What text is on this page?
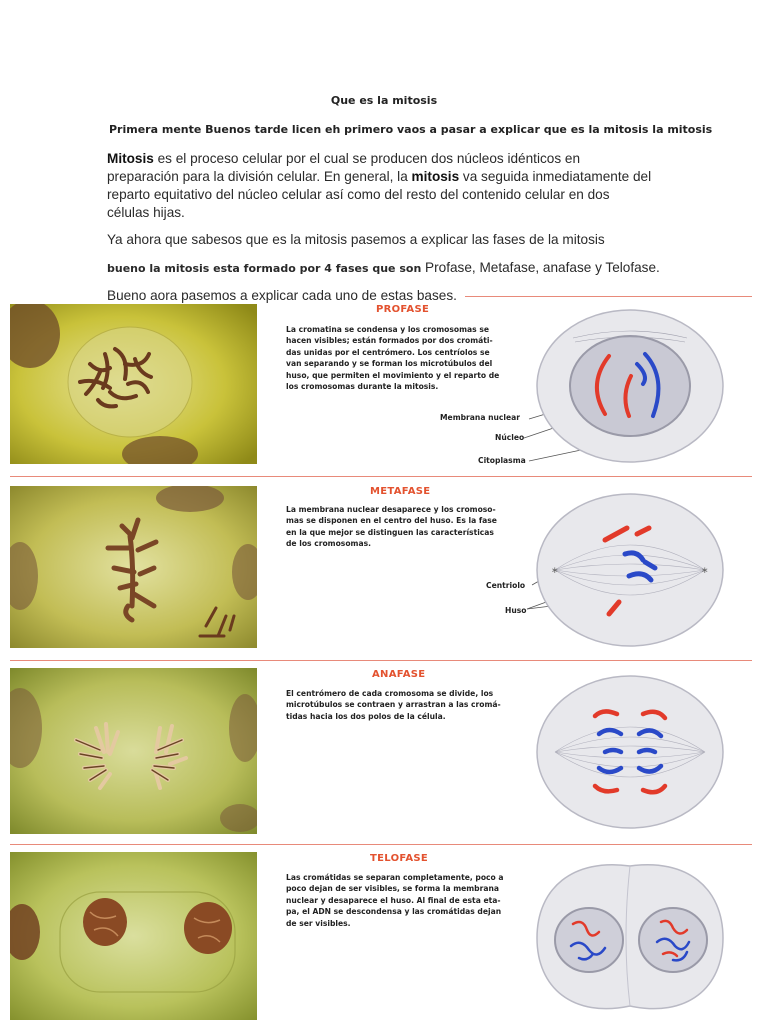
Que es la mitosis
Primera mente Buenos tarde licen eh primero vaos a pasar a explicar que es la mitosis la mitosis
Mitosis es el proceso celular por el cual se producen dos núcleos idénticos en
preparación para la división celular. En general, la mitosis va seguida inmediatamente del
reparto equitativo del núcleo celular así como del resto del contenido celular en dos
células hijas.
Ya ahora que sabesos que es la mitosis pasemos a explicar las fases de la mitosis
bueno la mitosis esta formado por 4 fases que son Profase, Metafase, anafase y Telofase.
Bueno aora pasemos a explicar cada uno de estas bases.
PROFASE
La cromatina se condensa y los cromosomas se
hacen visibles; están formados por dos cromáti-
das unidas por el centrómero. Los centríolos se
van separando y se forman los microtúbulos del
huso, que permiten el movimiento y el reparto de
los cromosomas durante la mitosis.
Membrana nuclear
Núcleo
Citoplasma
METAFASE
La membrana nuclear desaparece y los cromoso-
mas se disponen en el centro del huso. Es la fase
en la que mejor se distinguen las características
de los cromosomas.
Centriolo
Huso
∗	∗
ANAFASE
El centrómero de cada cromosoma se divide, los
microtúbulos se contraen y arrastran a las cromá-
tidas hacia los dos polos de la célula.
TELOFASE
Las cromátidas se separan completamente, poco a
poco dejan de ser visibles, se forma la membrana
nuclear y desaparece el huso. Al final de esta eta-
pa, el ADN se descondensa y las cromátidas dejan
de ser visibles.
